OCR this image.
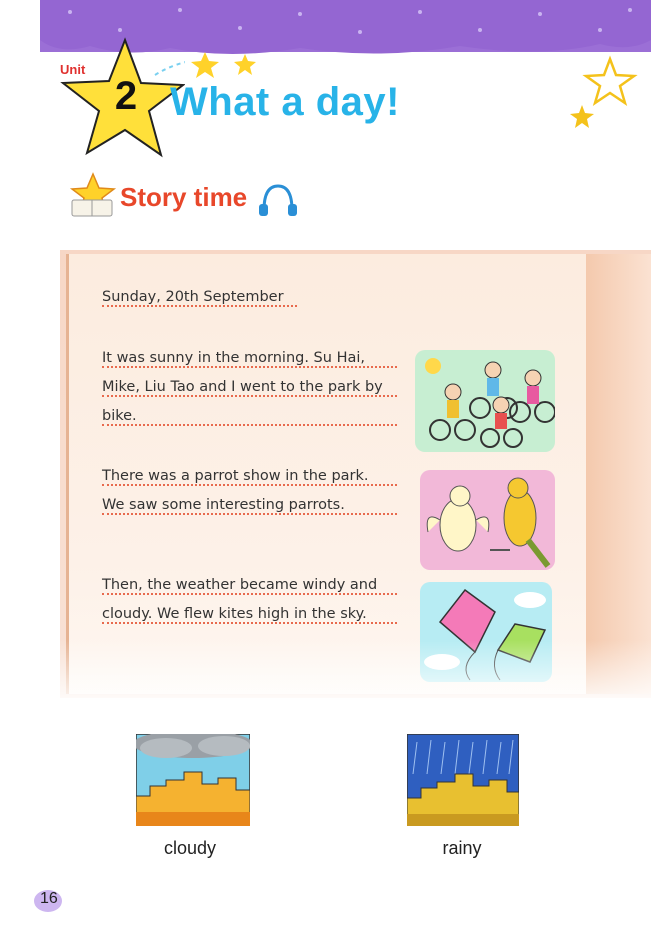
Unit
2 What a day!
Story time
Sunday, 20th September
It was sunny in the morning. Su Hai,
Mike, Liu Tao and I went to the park by
bike.
There was a parrot show in the park.
We saw some interesting parrots.
Then, the weather became windy and
cloudy. We flew kites high in the sky.
cloudy	rainy
16
